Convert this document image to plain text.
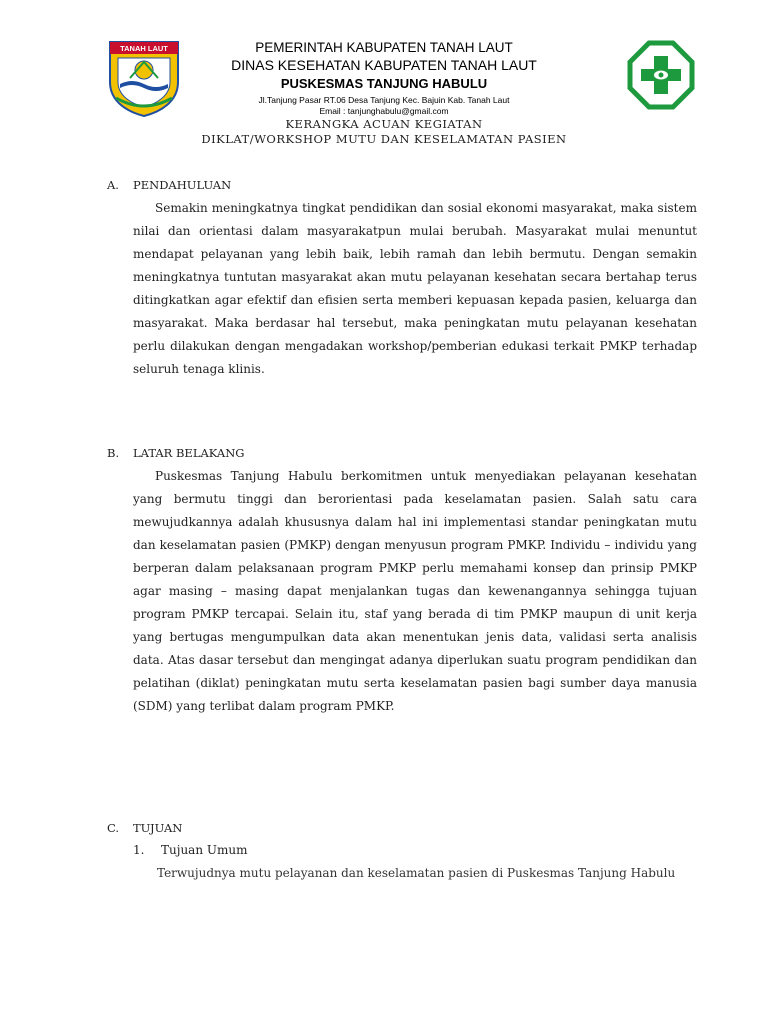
TANAH LAUT	PEMERINTAH KABUPATEN TANAH LAUT
DINAS KESEHATAN KABUPATEN TANAH LAUT
PUSKESMAS TANJUNG HABULU
Jl.Tanjung Pasar RT.06 Desa Tanjung Kec. Bajuin Kab. Tanah Laut
Email : tanjunghabulu@gmail.com
KERANGKA ACUAN KEGIATAN
DIKLAT/WORKSHOP MUTU DAN KESELAMATAN PASIEN
A. PENDAHULUAN

Semakin meningkatnya tingkat pendidikan dan sosial ekonomi masyarakat, maka sistem nilai dan orientasi dalam masyarakatpun mulai berubah. Masyarakat mulai menuntut mendapat pelayanan yang lebih baik, lebih ramah dan lebih bermutu. Dengan semakin meningkatnya tuntutan masyarakat akan mutu pelayanan kesehatan secara bertahap terus ditingkatkan agar efektif dan efisien serta memberi kepuasan kepada pasien, keluarga dan masyarakat. Maka berdasar hal tersebut, maka peningkatan mutu pelayanan kesehatan perlu dilakukan dengan mengadakan workshop/pemberian edukasi terkait PMKP terhadap seluruh tenaga klinis.

B. LATAR BELAKANG

Puskesmas Tanjung Habulu berkomitmen untuk menyediakan pelayanan kesehatan yang bermutu tinggi dan berorientasi pada keselamatan pasien. Salah satu cara mewujudkannya adalah khususnya dalam hal ini implementasi standar peningkatan mutu dan keselamatan pasien (PMKP) dengan menyusun program PMKP. Individu – individu yang berperan dalam pelaksanaan program PMKP perlu memahami konsep dan prinsip PMKP agar masing – masing dapat menjalankan tugas dan kewenangannya sehingga tujuan program PMKP tercapai. Selain itu, staf yang berada di tim PMKP maupun di unit kerja yang bertugas mengumpulkan data akan menentukan jenis data, validasi serta analisis data. Atas dasar tersebut dan mengingat adanya diperlukan suatu program pendidikan dan pelatihan (diklat) peningkatan mutu serta keselamatan pasien bagi sumber daya manusia (SDM) yang terlibat dalam program PMKP.

C. TUJUAN
1. Tujuan Umum

Terwujudnya mutu pelayanan dan keselamatan pasien di Puskesmas Tanjung Habulu
